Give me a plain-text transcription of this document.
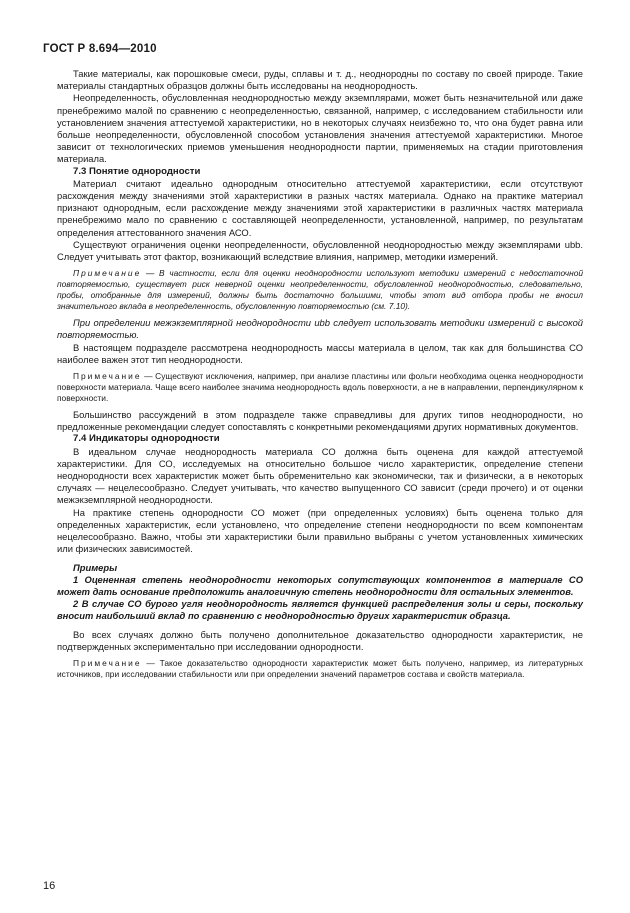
ГОСТ Р 8.694—2010

Такие материалы, как порошковые смеси, руды, сплавы и т. д., неоднородны по составу по своей природе. Такие материалы стандартных образцов должны быть исследованы на неоднородность.

Неопределенность, обусловленная неоднородностью между экземплярами, может быть незначительной или даже пренебрежимо малой по сравнению с неопределенностью, связанной, например, с исследованием стабильности или установлением значения аттестуемой характеристики, но в некоторых случаях неизбежно то, что она будет равна или больше неопределенности, обусловленной способом установления значения аттестуемой характеристики. Многое зависит от технологических приемов уменьшения неоднородности партии, применяемых на стадии приготовления материала.

7.3 Понятие однородности

Материал считают идеально однородным относительно аттестуемой характеристики, если отсутствуют расхождения между значениями этой характеристики в разных частях материала. Однако на практике материал признают однородным, если расхождение между значениями этой характеристики в различных частях материала пренебрежимо мало по сравнению с составляющей неопределенности, установленной, например, по результатам определения аттестованного значения АСО.

Существуют ограничения оценки неопределенности, обусловленной неоднородностью между экземплярами ubb. Следует учитывать этот фактор, возникающий вследствие влияния, например, методики измерений.

Примечание — В частности, если для оценки неоднородности используют методики измерений с недостаточной повторяемостью, существует риск неверной оценки неопределенности, обусловленной неоднородностью, следовательно, пробы, отобранные для измерений, должны быть достаточно большими, чтобы этот вид отбора пробы не вносил значительного вклада в неопределенность, обусловленную повторяемостью (см. 7.10).

При определении межэкземплярной неоднородности ubb следует использовать методики измерений с высокой повторяемостью.

В настоящем подразделе рассмотрена неоднородность массы материала в целом, так как для большинства СО наиболее важен этот тип неоднородности.

Примечание — Существуют исключения, например, при анализе пластины или фольги необходима оценка неоднородности поверхности материала. Чаще всего наиболее значима неоднородность вдоль поверхности, а не в направлении, перпендикулярном к поверхности.

Большинство рассуждений в этом подразделе также справедливы для других типов неоднородности, но предложенные рекомендации следует сопоставлять с конкретными рекомендациями других нормативных документов.

7.4 Индикаторы однородности

В идеальном случае неоднородность материала СО должна быть оценена для каждой аттестуемой характеристики. Для СО, исследуемых на относительно большое число характеристик, определение степени неоднородности всех характеристик может быть обременительно как экономически, так и физически, а в некоторых случаях — нецелесообразно. Следует учитывать, что качество выпущенного СО зависит (среди прочего) и от оценки межэкземплярной неоднородности.

На практике степень однородности СО может (при определенных условиях) быть оценена только для определенных характеристик, если установлено, что определение степени неоднородности по всем компонентам нецелесообразно. Важно, чтобы эти характеристики были правильно выбраны с учетом установленных химических или физических зависимостей.

Примеры

1 Оцененная степень неоднородности некоторых сопутствующих компонентов в материале СО может дать основание предположить аналогичную степень неоднородности для остальных элементов.

2 В случае СО бурого угля неоднородность является функцией распределения золы и серы, поскольку вносит наибольший вклад по сравнению с неоднородностью других характеристик образца.

Во всех случаях должно быть получено дополнительное доказательство однородности характеристик, не подтвержденных экспериментально при исследовании однородности.

Примечание — Такое доказательство однородности характеристик может быть получено, например, из литературных источников, при исследовании стабильности или при определении значений параметров состава и свойств материала.

16
